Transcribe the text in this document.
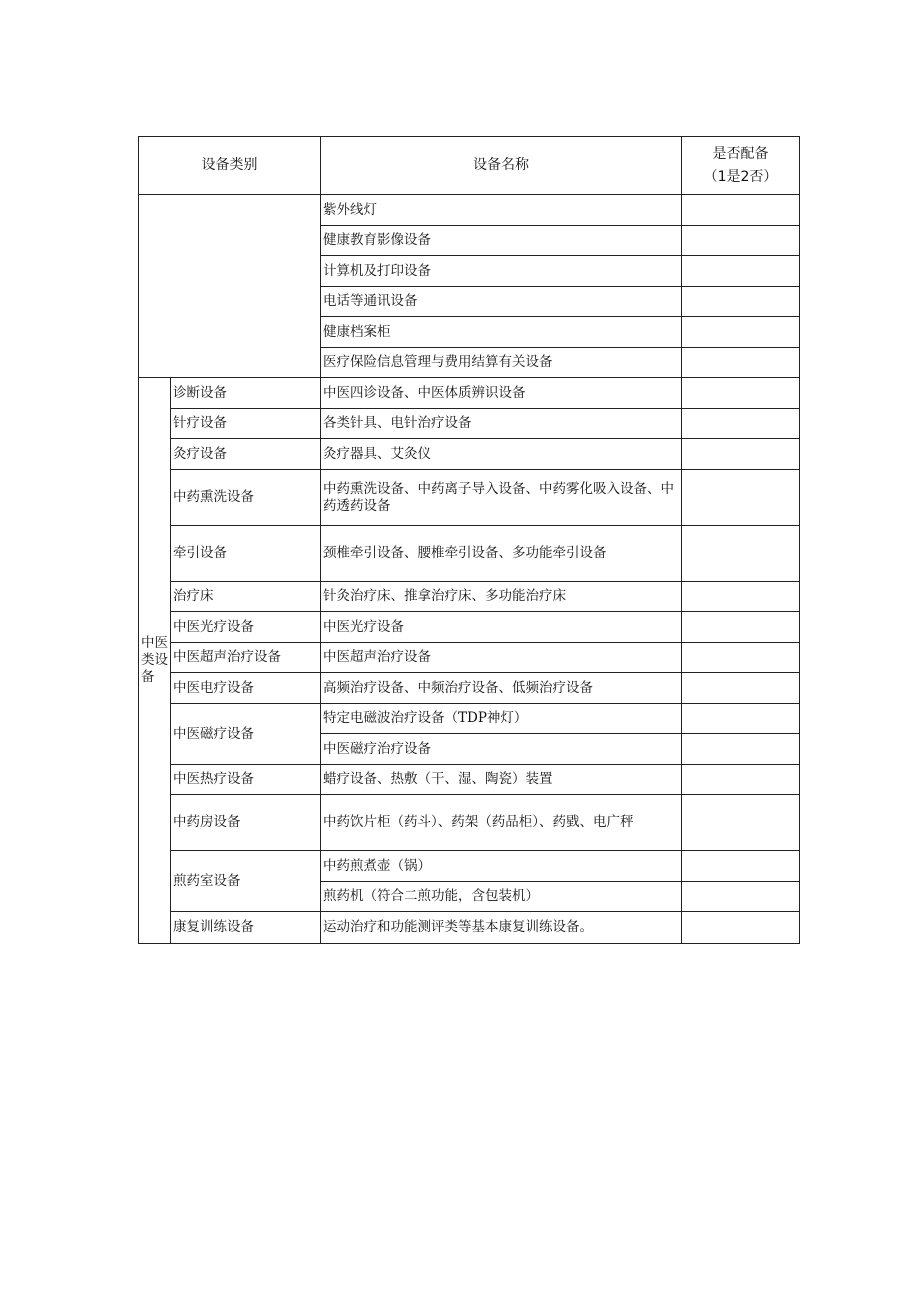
设备类别		设备名称	是否配备
（1是2否）

		紫外线灯	
		健康教育影像设备	
		计算机及打印设备	
		电话等通讯设备	
		健康档案柜	
		医疗保险信息管理与费用结算有关设备	
中医类设备	诊断设备	中医四诊设备、中医体质辨识设备	
	针疗设备	各类针具、电针治疗设备	
	灸疗设备	灸疗器具、艾灸仪	
	中药熏洗设备	中药熏洗设备、中药离子导入设备、中药雾化吸入设备、中药透药设备	
	牵引设备	颈椎牵引设备、腰椎牵引设备、多功能牵引设备	
	治疗床	针灸治疗床、推拿治疗床、多功能治疗床	
	中医光疗设备	中医光疗设备	
	中医超声治疗设备	中医超声治疗设备	
	中医电疗设备	高频治疗设备、中频治疗设备、低频治疗设备	
	中医磁疗设备	特定电磁波治疗设备（TDP神灯）	
		中医磁疗治疗设备	
	中医热疗设备	蜡疗设备、热敷（干、湿、陶瓷）装置	
	中药房设备	中药饮片柜（药斗）、药架（药品柜）、药戥、电广秤	
	煎药室设备	中药煎煮壶（锅）	
		煎药机（符合二煎功能，含包装机）	
	康复训练设备	运动治疗和功能测评类等基本康复训练设备。	
